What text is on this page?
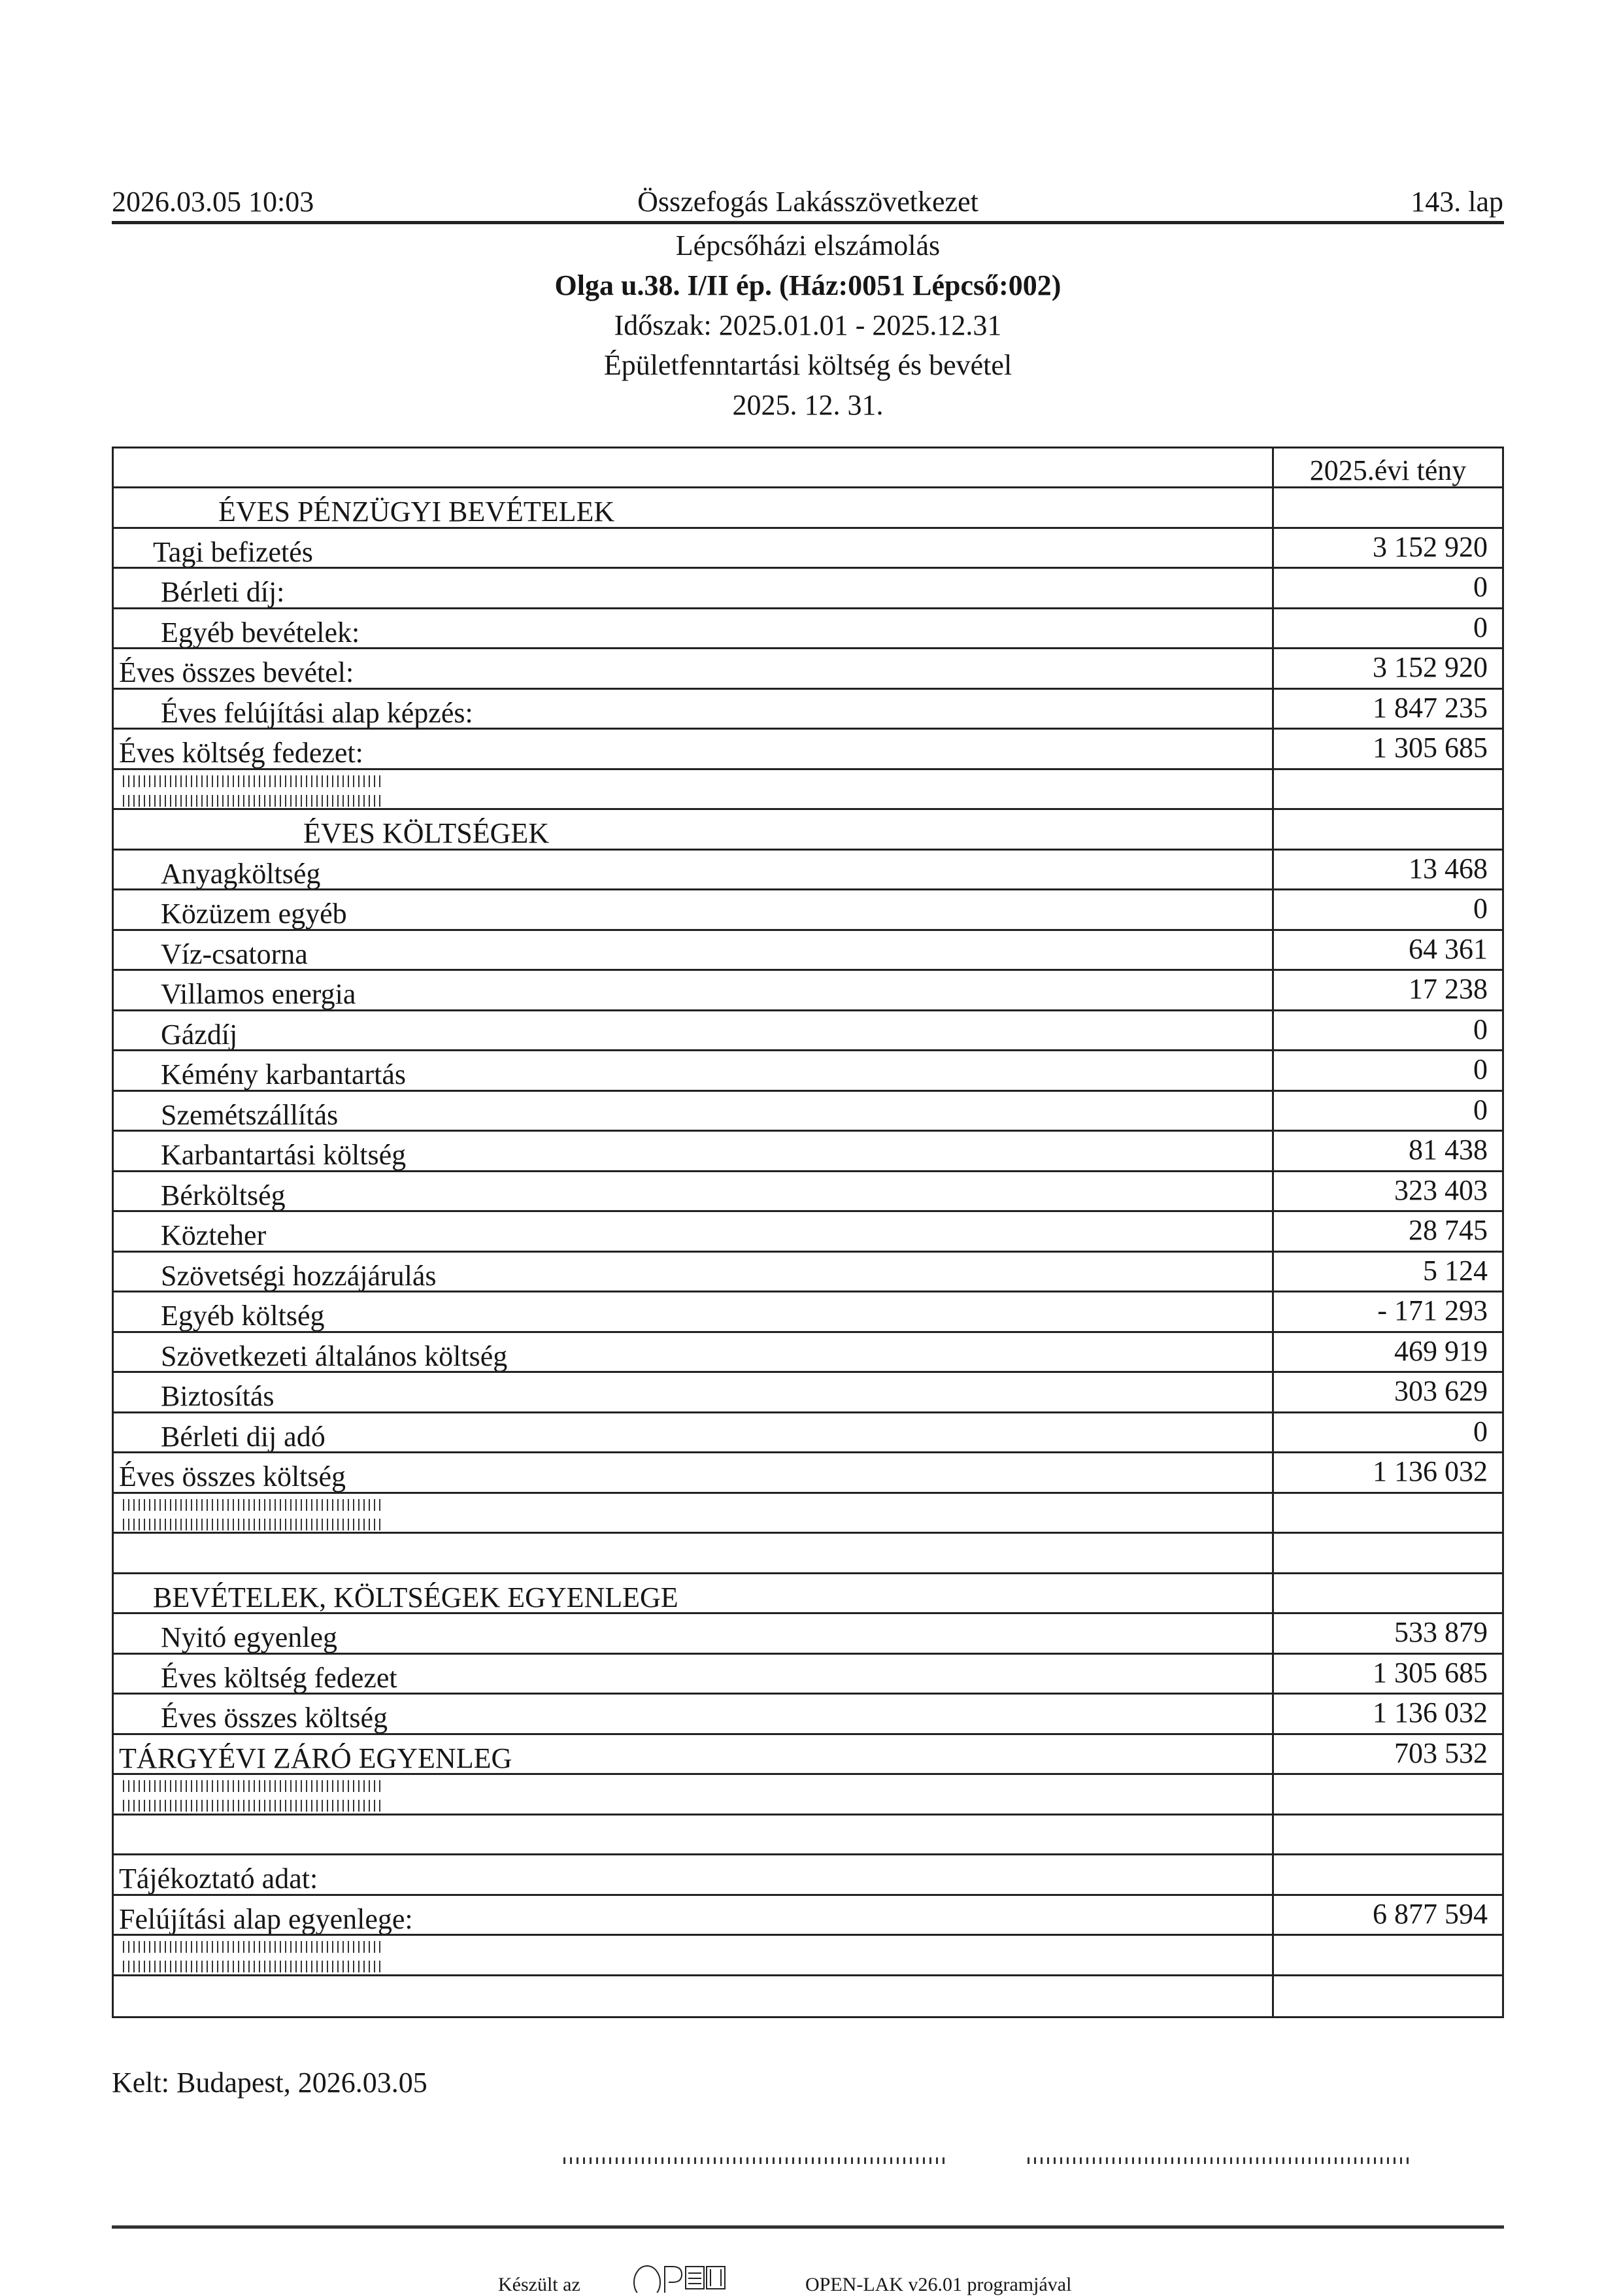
2026.03.05 10:03	Összefogás Lakásszövetkezet	143. lap
Lépcsőházi elszámolás
Olga u.38. I/II ép. (Ház:0051 Lépcső:002)
Időszak: 2025.01.01 - 2025.12.31
Épületfenntartási költség és bevétel
2025. 12. 31.
2025.évi tény
ÉVES PÉNZÜGYI BEVÉTELEK
Tagi befizetés	3 152 920
Bérleti díj:	0
Egyéb bevételek:	0
Éves összes bevétel:	3 152 920
Éves felújítási alap képzés:	1 847 235
Éves költség fedezet:	1 305 685
ÉVES KÖLTSÉGEK
Anyagköltség	13 468
Közüzem egyéb	0
Víz-csatorna	64 361
Villamos energia	17 238
Gázdíj	0
Kémény karbantartás	0
Szemétszállítás	0
Karbantartási költség	81 438
Bérköltség	323 403
Közteher	28 745
Szövetségi hozzájárulás	5 124
Egyéb költség	- 171 293
Szövetkezeti általános költség	469 919
Biztosítás	303 629
Bérleti dij adó	0
Éves összes költség	1 136 032
BEVÉTELEK, KÖLTSÉGEK EGYENLEGE
Nyitó egyenleg	533 879
Éves költség fedezet	1 305 685
Éves összes költség	1 136 032
TÁRGYÉVI ZÁRÓ EGYENLEG	703 532
Tájékoztató adat:
Felújítási alap egyenlege:	6 877 594
Kelt: Budapest, 2026.03.05
Készült az	OPEN-LAK v26.01 programjával
